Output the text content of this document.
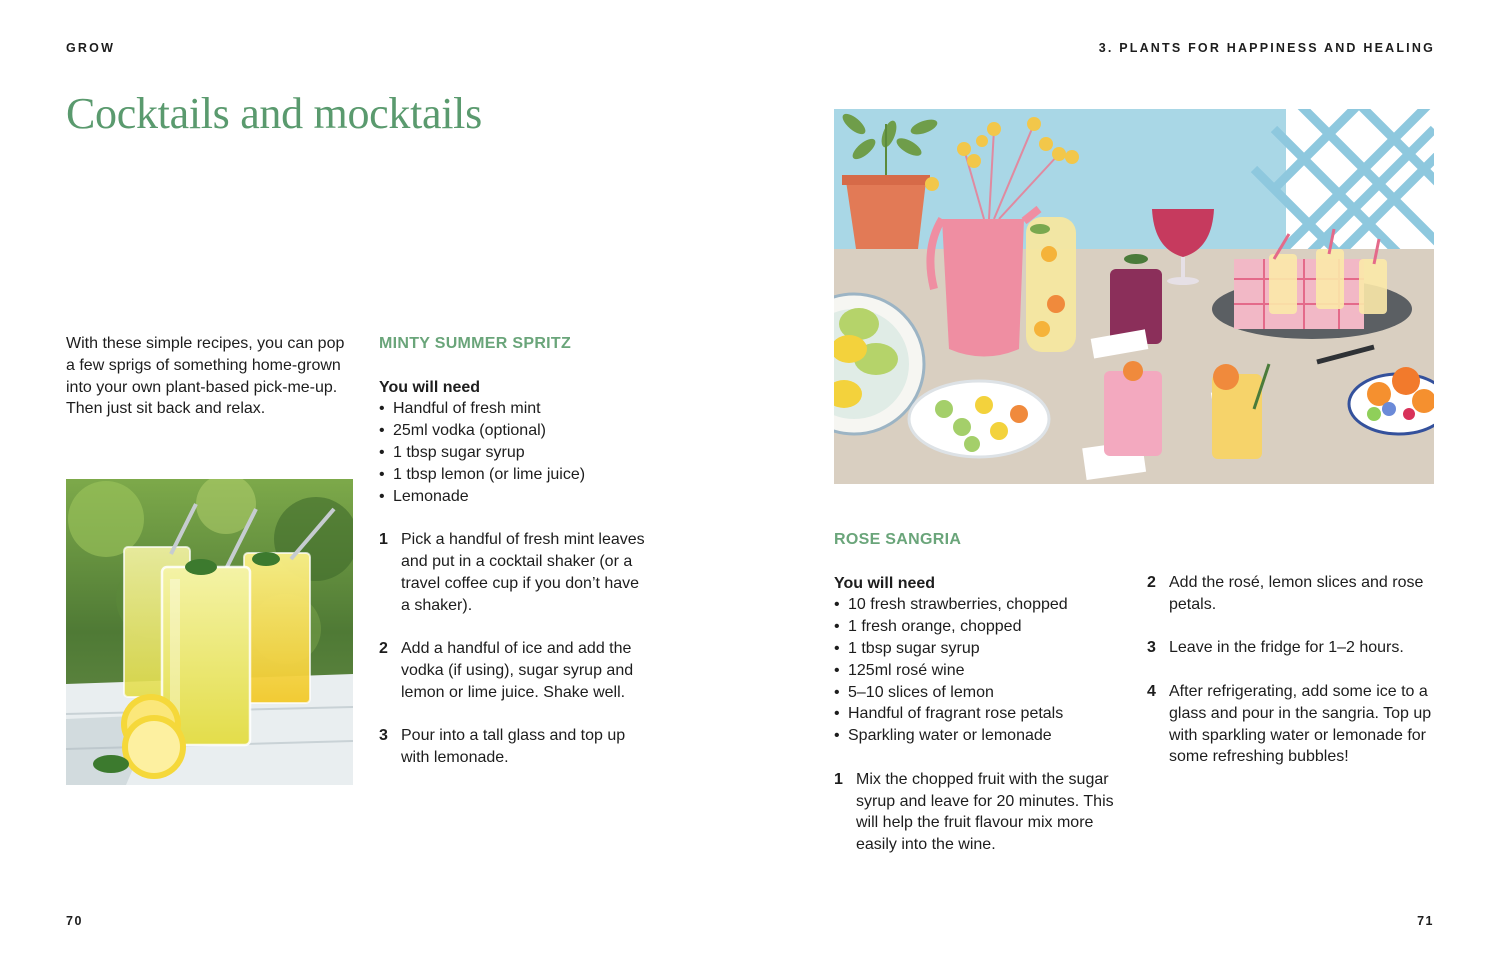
GROW	3. PLANTS FOR HAPPINESS AND HEALING
Cocktails and mocktails

With these simple recipes, you can pop a few sprigs of something home-grown into your own plant-based pick-me-up. Then just sit back and relax.

MINTY SUMMER SPRITZ
You will need
• Handful of fresh mint
• 25ml vodka (optional)
• 1 tbsp sugar syrup
• 1 tbsp lemon (or lime juice)
• Lemonade
1 Pick a handful of fresh mint leaves and put in a cocktail shaker (or a travel coffee cup if you don’t have a shaker).
2 Add a handful of ice and add the vodka (if using), sugar syrup and lemon or lime juice. Shake well.
3 Pour into a tall glass and top up with lemonade.
ROSE SANGRIA
You will need
• 10 fresh strawberries, chopped
• 1 fresh orange, chopped
• 1 tbsp sugar syrup
• 125ml rosé wine
• 5–10 slices of lemon
• Handful of fragrant rose petals
• Sparkling water or lemonade
1 Mix the chopped fruit with the sugar syrup and leave for 20 minutes. This will help the fruit flavour mix more easily into the wine.
2 Add the rosé, lemon slices and rose petals.
3 Leave in the fridge for 1–2 hours.
4 After refrigerating, add some ice to a glass and pour in the sangria. Top up with sparkling water or lemonade for some refreshing bubbles!
70	71
